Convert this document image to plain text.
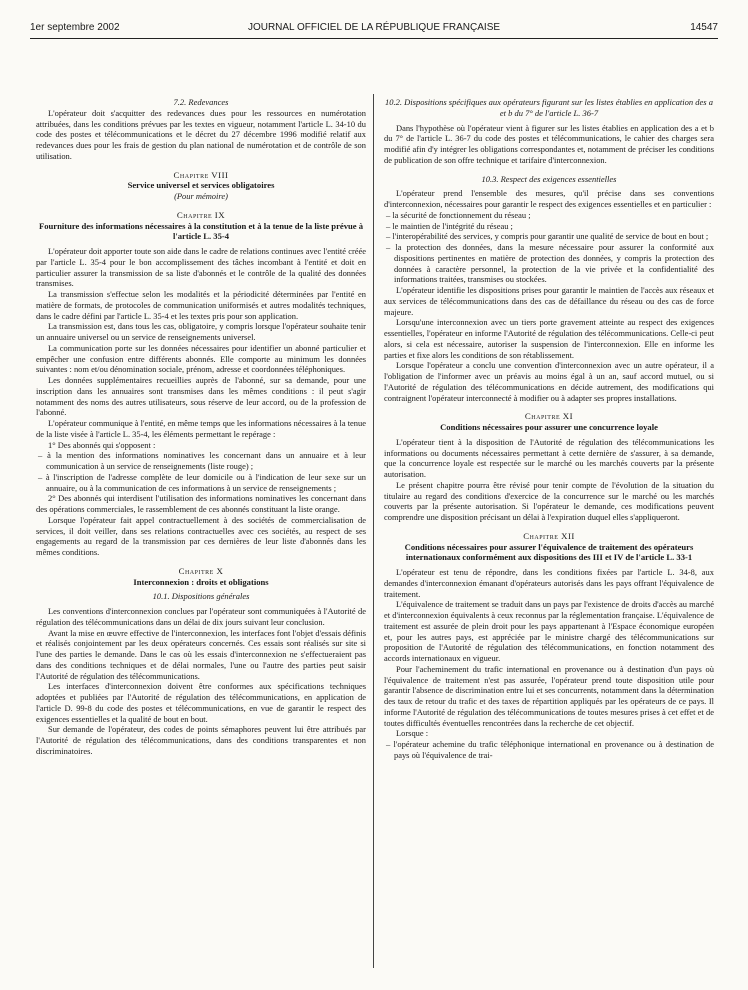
1er septembre 2002	JOURNAL OFFICIEL DE LA RÉPUBLIQUE FRANÇAISE	14547
7.2. Redevances

L'opérateur doit s'acquitter des redevances dues pour les ressources en numérotation attribuées, dans les conditions prévues par les textes en vigueur, notamment l'article L. 34-10 du code des postes et télécommunications et le décret du 27 décembre 1996 modifié relatif aux redevances dues pour les frais de gestion du plan national de numérotation et de contrôle de son utilisation.

Chapitre VIII
Service universel et services obligatoires
(Pour mémoire)
Chapitre IX
Fourniture des informations nécessaires à la constitution et à la tenue de la liste prévue à l'article L. 35-4

L'opérateur doit apporter toute son aide dans le cadre de relations continues avec l'entité créée par l'article L. 35-4 pour le bon accomplissement des tâches incombant à l'entité et doit en particulier assurer la transmission de sa liste d'abonnés et le contrôle de la qualité des données transmises.

La transmission s'effectue selon les modalités et la périodicité déterminées par l'entité en matière de formats, de protocoles de communication uniformisés et autres modalités techniques, dans le cadre défini par l'article L. 35-4 et les textes pris pour son application.

La transmission est, dans tous les cas, obligatoire, y compris lorsque l'opérateur souhaite tenir un annuaire universel ou un service de renseignements universel.

La communication porte sur les données nécessaires pour identifier un abonné particulier et empêcher une confusion entre différents abonnés. Elle comporte au minimum les données suivantes : nom et/ou dénomination sociale, prénom, adresse et coordonnées téléphoniques.

Les données supplémentaires recueillies auprès de l'abonné, sur sa demande, pour une inscription dans les annuaires sont transmises dans les mêmes conditions : il peut s'agir notamment des noms des autres utilisateurs, sous réserve de leur accord, ou de la profession de l'abonné.

L'opérateur communique à l'entité, en même temps que les informations nécessaires à la tenue de la liste visée à l'article L. 35-4, les éléments permettant le repérage :

1° Des abonnés qui s'opposent :

– à la mention des informations nominatives les concernant dans un annuaire et à leur communication à un service de renseignements (liste rouge) ;
– à l'inscription de l'adresse complète de leur domicile ou à l'indication de leur sexe sur un annuaire, ou à la communication de ces informations à un service de renseignements ;

2° Des abonnés qui interdisent l'utilisation des informations nominatives les concernant dans des opérations commerciales, le rassemblement de ces abonnés constituant la liste orange.

Lorsque l'opérateur fait appel contractuellement à des sociétés de commercialisation de services, il doit veiller, dans ses relations contractuelles avec ces sociétés, au respect de ses engagements au regard de la transmission par ces dernières de leur liste d'abonnés dans les mêmes conditions.

Chapitre X
Interconnexion : droits et obligations
10.1. Dispositions générales

Les conventions d'interconnexion conclues par l'opérateur sont communiquées à l'Autorité de régulation des télécommunications dans un délai de dix jours suivant leur conclusion.

Avant la mise en œuvre effective de l'interconnexion, les interfaces font l'objet d'essais définis et réalisés conjointement par les deux opérateurs concernés. Ces essais sont réalisés sur site si l'une des parties le demande. Dans le cas où les essais d'interconnexion ne s'effectueraient pas dans des conditions techniques et de délai normales, l'une ou l'autre des parties peut saisir l'Autorité de régulation des télécommunications.

Les interfaces d'interconnexion doivent être conformes aux spécifications techniques adoptées et publiées par l'Autorité de régulation des télécommunications, en application de l'article D. 99-8 du code des postes et télécommunications, en vue de garantir le respect des exigences essentielles et la qualité de bout en bout.

Sur demande de l'opérateur, des codes de points sémaphores peuvent lui être attribués par l'Autorité de régulation des télécommunications, dans des conditions transparentes et non discriminatoires.

10.2. Dispositions spécifiques aux opérateurs figurant sur les listes établies en application des a et b du 7° de l'article L. 36-7

Dans l'hypothèse où l'opérateur vient à figurer sur les listes établies en application des a et b du 7° de l'article L. 36-7 du code des postes et télécommunications, le cahier des charges sera modifié afin d'y intégrer les obligations correspondantes et, notamment de préciser les conditions de publication de son offre technique et tarifaire d'interconnexion.

10.3. Respect des exigences essentielles

L'opérateur prend l'ensemble des mesures, qu'il précise dans ses conventions d'interconnexion, nécessaires pour garantir le respect des exigences essentielles et en particulier :

– la sécurité de fonctionnement du réseau ;
– le maintien de l'intégrité du réseau ;
– l'interopérabilité des services, y compris pour garantir une qualité de service de bout en bout ;
– la protection des données, dans la mesure nécessaire pour assurer la conformité aux dispositions pertinentes en matière de protection des données, y compris la protection des données à caractère personnel, la protection de la vie privée et la confidentialité des informations traitées, transmises ou stockées.

L'opérateur identifie les dispositions prises pour garantir le maintien de l'accès aux réseaux et aux services de télécommunications dans des cas de défaillance du réseau ou des cas de force majeure.

Lorsqu'une interconnexion avec un tiers porte gravement atteinte au respect des exigences essentielles, l'opérateur en informe l'Autorité de régulation des télécommunications. Celle-ci peut alors, si cela est nécessaire, autoriser la suspension de l'interconnexion. Elle en informe les parties et fixe alors les conditions de son rétablissement.

Lorsque l'opérateur a conclu une convention d'interconnexion avec un autre opérateur, il a l'obligation de l'informer avec un préavis au moins égal à un an, sauf accord mutuel, ou si l'Autorité de régulation des télécommunications en décide autrement, des modifications qui contraignent l'opérateur interconnecté à modifier ou à adapter ses propres installations.

Chapitre XI
Conditions nécessaires pour assurer une concurrence loyale

L'opérateur tient à la disposition de l'Autorité de régulation des télécommunications les informations ou documents nécessaires permettant à cette dernière de s'assurer, à sa demande, que la concurrence loyale est respectée sur le marché ou les marchés couverts par la présente autorisation.

Le présent chapitre pourra être révisé pour tenir compte de l'évolution de la situation du titulaire au regard des conditions d'exercice de la concurrence sur le marché ou les marchés couverts par la présente autorisation. Si l'opérateur le demande, ces modifications peuvent comprendre une disposition précisant un délai à l'expiration duquel elles s'appliqueront.

Chapitre XII
Conditions nécessaires pour assurer l'équivalence de traitement des opérateurs internationaux conformément aux dispositions des III et IV de l'article L. 33-1

L'opérateur est tenu de répondre, dans les conditions fixées par l'article L. 34-8, aux demandes d'interconnexion émanant d'opérateurs autorisés dans les pays offrant l'équivalence de traitement.

L'équivalence de traitement se traduit dans un pays par l'existence de droits d'accès au marché et d'interconnexion équivalents à ceux reconnus par la réglementation française. L'équivalence de traitement est assurée de plein droit pour les pays appartenant à l'Espace économique européen et, pour les autres pays, est appréciée par le ministre chargé des télécommunications sur proposition de l'Autorité de régulation des télécommunications, en fonction notamment des accords internationaux en vigueur.

Pour l'acheminement du trafic international en provenance ou à destination d'un pays où l'équivalence de traitement n'est pas assurée, l'opérateur prend toute disposition utile pour garantir l'absence de discrimination entre lui et ses concurrents, notamment dans la détermination des taux de retour du trafic et des taxes de répartition appliqués par les opérateurs de ce pays. Il informe l'Autorité de régulation des télécommunications de toutes mesures prises à cet effet et de toutes difficultés éventuelles rencontrées dans la recherche de cet objectif.

Lorsque :

– l'opérateur achemine du trafic téléphonique international en provenance ou à destination de pays où l'équivalence de trai-
